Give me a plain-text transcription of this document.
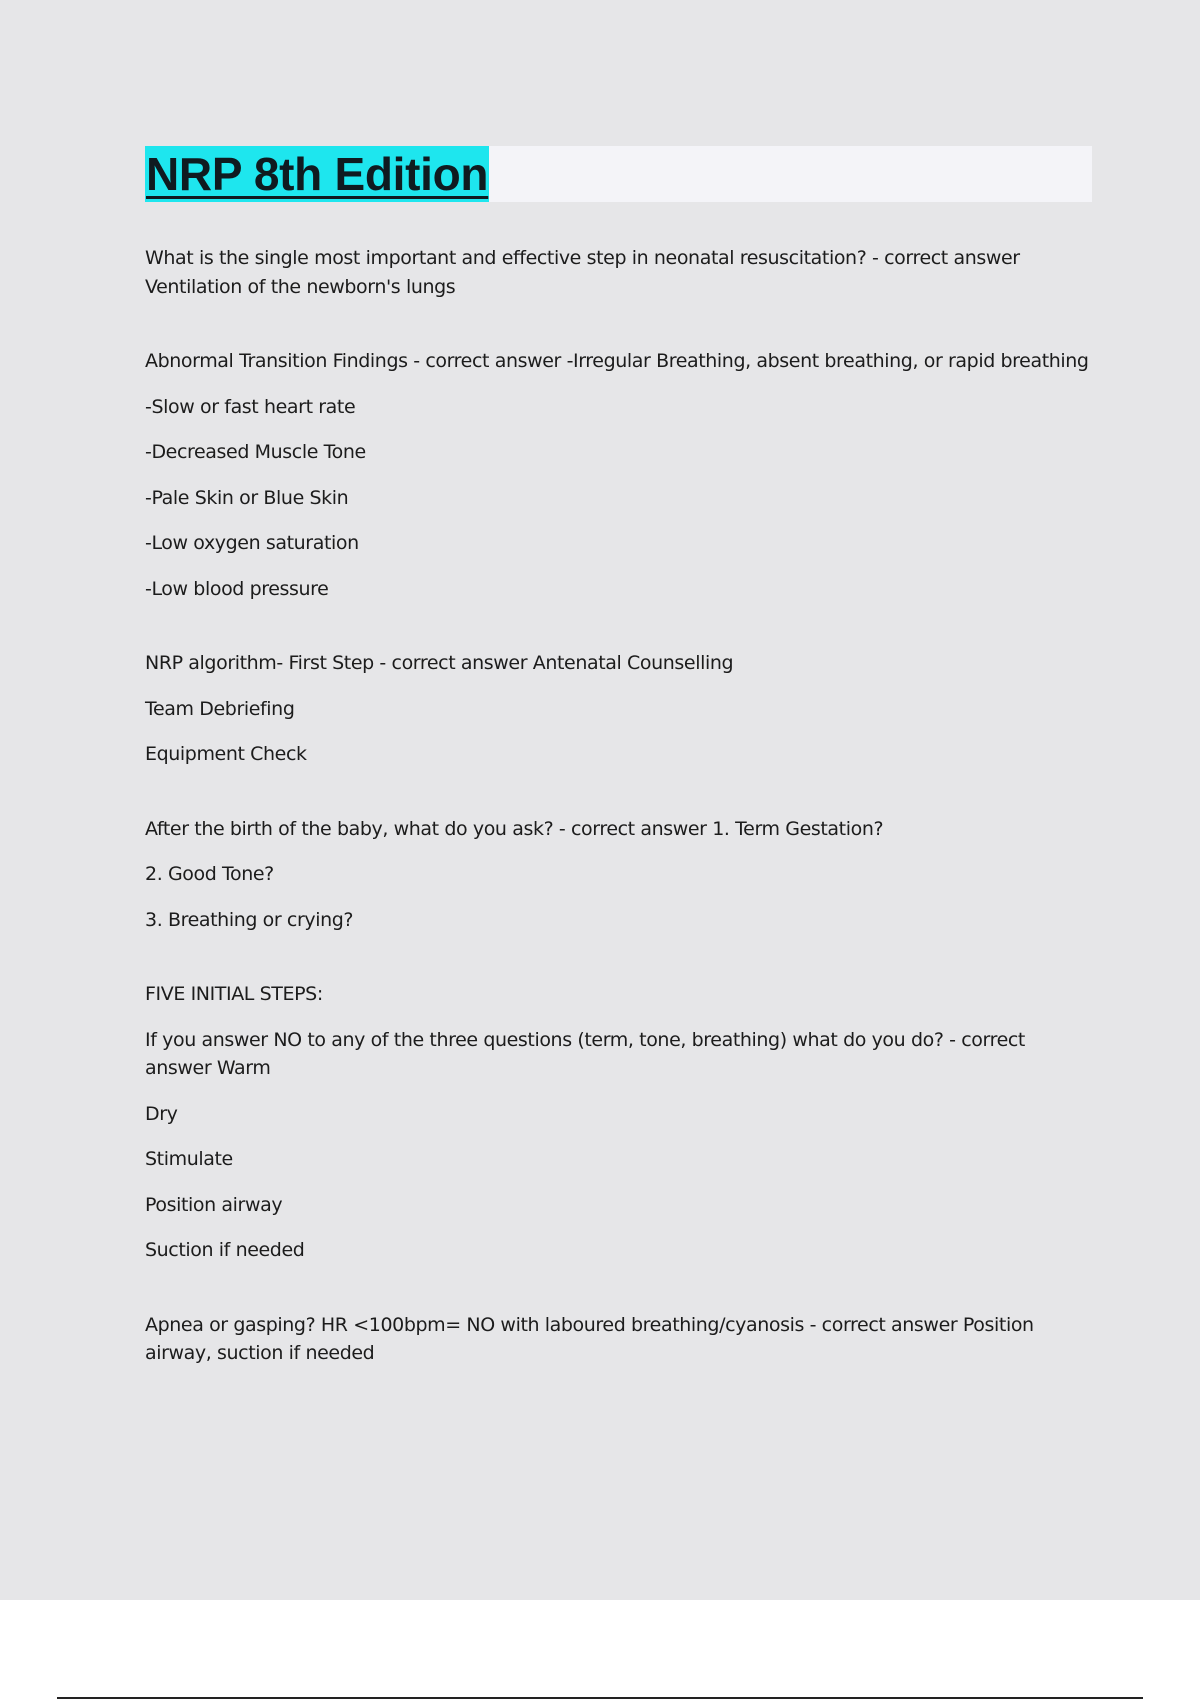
NRP 8th Edition

What is the single most important and effective step in neonatal resuscitation? - correct answer Ventilation of the newborn's lungs

Abnormal Transition Findings - correct answer -Irregular Breathing, absent breathing, or rapid breathing

-Slow or fast heart rate

-Decreased Muscle Tone

-Pale Skin or Blue Skin

-Low oxygen saturation

-Low blood pressure

NRP algorithm- First Step - correct answer Antenatal Counselling

Team Debriefing

Equipment Check

After the birth of the baby, what do you ask? - correct answer 1. Term Gestation?

2. Good Tone?

3. Breathing or crying?

FIVE INITIAL STEPS:

If you answer NO to any of the three questions (term, tone, breathing) what do you do? - correct answer Warm

Dry

Stimulate

Position airway

Suction if needed

Apnea or gasping? HR <100bpm= NO with laboured breathing/cyanosis - correct answer Position airway, suction if needed
